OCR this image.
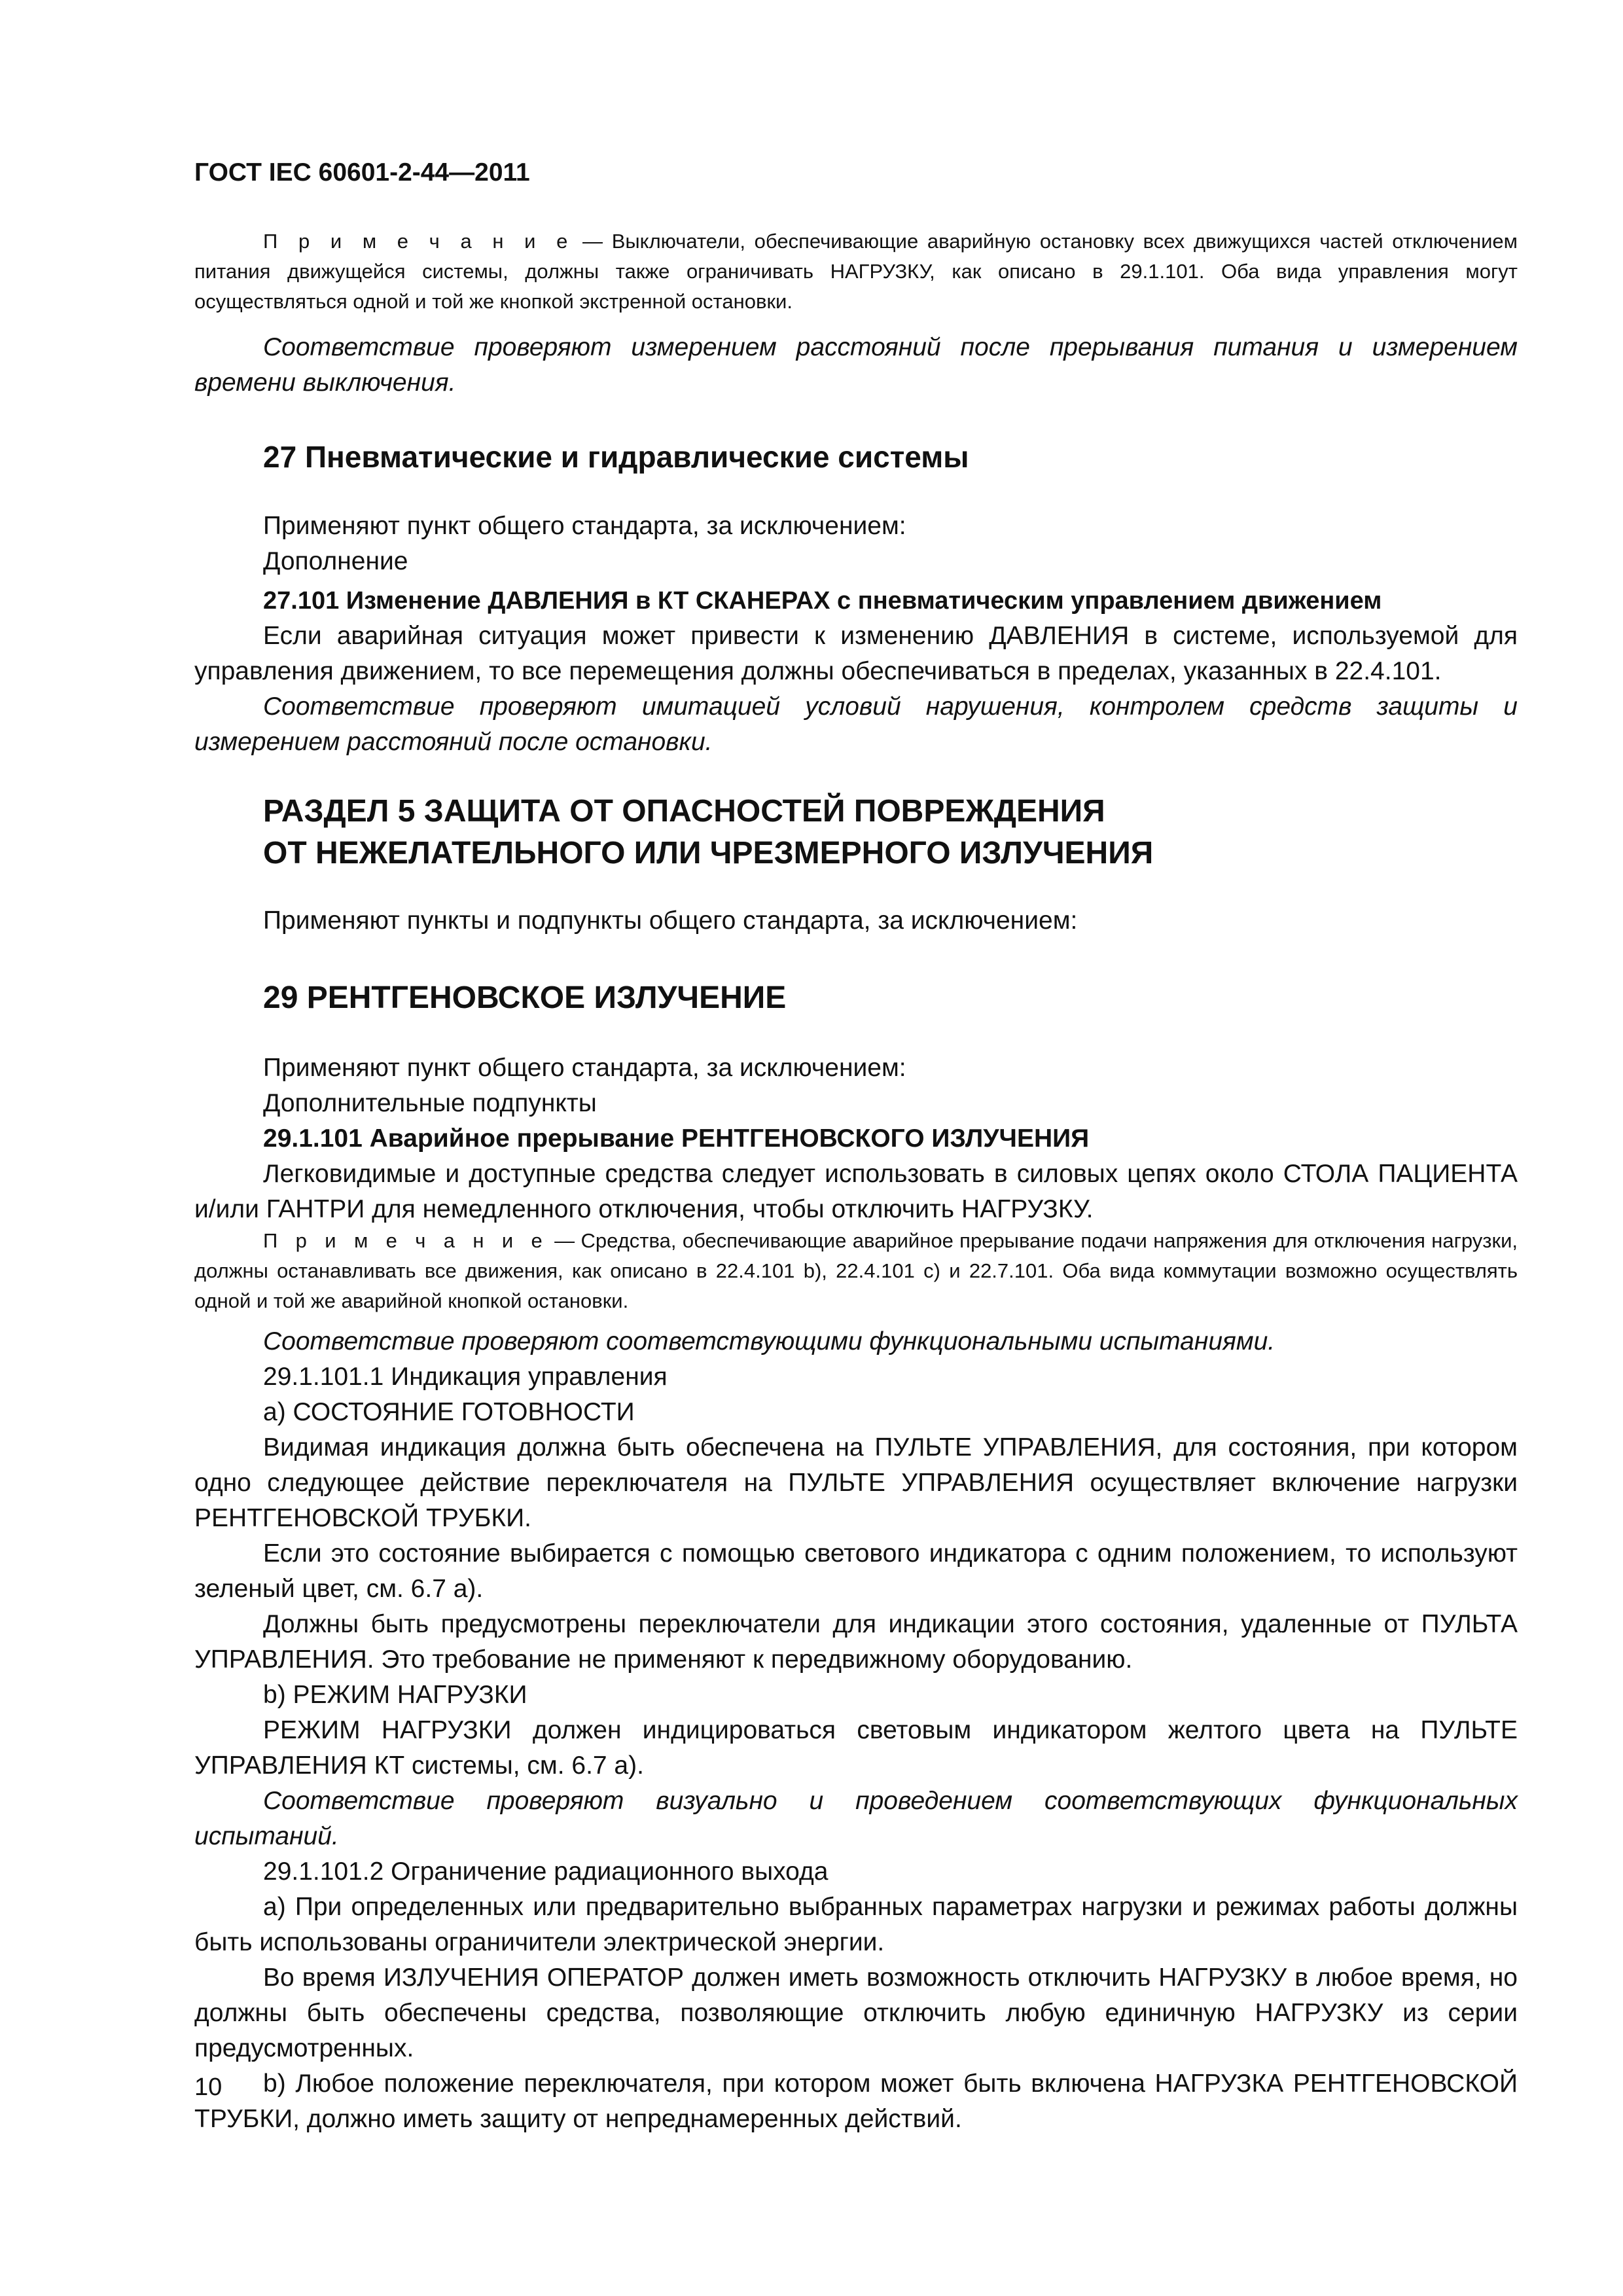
ГОСТ IEC 60601-2-44—2011

П р и м е ч а н и е — Выключатели, обеспечивающие аварийную остановку всех движущихся частей отключением питания движущейся системы, должны также ограничивать НАГРУЗКУ, как описано в 29.1.101. Оба вида управления могут осуществляться одной и той же кнопкой экстренной остановки.

Соответствие проверяют измерением расстояний после прерывания питания и измерением времени выключения.

27 Пневматические и гидравлические системы

Применяют пункт общего стандарта, за исключением:

Дополнение

27.101 Изменение ДАВЛЕНИЯ в КТ СКАНЕРАХ с пневматическим управлением движением

Если аварийная ситуация может привести к изменению ДАВЛЕНИЯ в системе, используемой для управления движением, то все перемещения должны обеспечиваться в пределах, указанных в 22.4.101.

Соответствие проверяют имитацией условий нарушения, контролем средств защиты и измерением расстояний после остановки.

РАЗДЕЛ 5 ЗАЩИТА ОТ ОПАСНОСТЕЙ ПОВРЕЖДЕНИЯ
ОТ НЕЖЕЛАТЕЛЬНОГО ИЛИ ЧРЕЗМЕРНОГО ИЗЛУЧЕНИЯ

Применяют пункты и подпункты общего стандарта, за исключением:

29 РЕНТГЕНОВСКОЕ ИЗЛУЧЕНИЕ

Применяют пункт общего стандарта, за исключением:

Дополнительные подпункты

29.1.101 Аварийное прерывание РЕНТГЕНОВСКОГО ИЗЛУЧЕНИЯ

Легковидимые и доступные средства следует использовать в силовых цепях около СТОЛА ПАЦИЕНТА и/или ГАНТРИ для немедленного отключения, чтобы отключить НАГРУЗКУ.

П р и м е ч а н и е — Средства, обеспечивающие аварийное прерывание подачи напряжения для отключения нагрузки, должны останавливать все движения, как описано в 22.4.101 b), 22.4.101 с) и 22.7.101. Оба вида коммутации возможно осуществлять одной и той же аварийной кнопкой остановки.

Соответствие проверяют соответствующими функциональными испытаниями.

29.1.101.1 Индикация управления

а) СОСТОЯНИЕ ГОТОВНОСТИ

Видимая индикация должна быть обеспечена на ПУЛЬТЕ УПРАВЛЕНИЯ, для состояния, при котором одно следующее действие переключателя на ПУЛЬТЕ УПРАВЛЕНИЯ осуществляет включение нагрузки РЕНТГЕНОВСКОЙ ТРУБКИ.

Если это состояние выбирается с помощью светового индикатора с одним положением, то используют зеленый цвет, см. 6.7 а).

Должны быть предусмотрены переключатели для индикации этого состояния, удаленные от ПУЛЬТА УПРАВЛЕНИЯ. Это требование не применяют к передвижному оборудованию.

b) РЕЖИМ НАГРУЗКИ

РЕЖИМ НАГРУЗКИ должен индицироваться световым индикатором желтого цвета на ПУЛЬТЕ УПРАВЛЕНИЯ КТ системы, см. 6.7 а).

Соответствие проверяют визуально и проведением соответствующих функциональных испытаний.

29.1.101.2 Ограничение радиационного выхода

а) При определенных или предварительно выбранных параметрах нагрузки и режимах работы должны быть использованы ограничители электрической энергии.

Во время ИЗЛУЧЕНИЯ ОПЕРАТОР должен иметь возможность отключить НАГРУЗКУ в любое время, но должны быть обеспечены средства, позволяющие отключить любую единичную НАГРУЗКУ из серии предусмотренных.

b) Любое положение переключателя, при котором может быть включена НАГРУЗКА РЕНТГЕНОВСКОЙ ТРУБКИ, должно иметь защиту от непреднамеренных действий.

10
